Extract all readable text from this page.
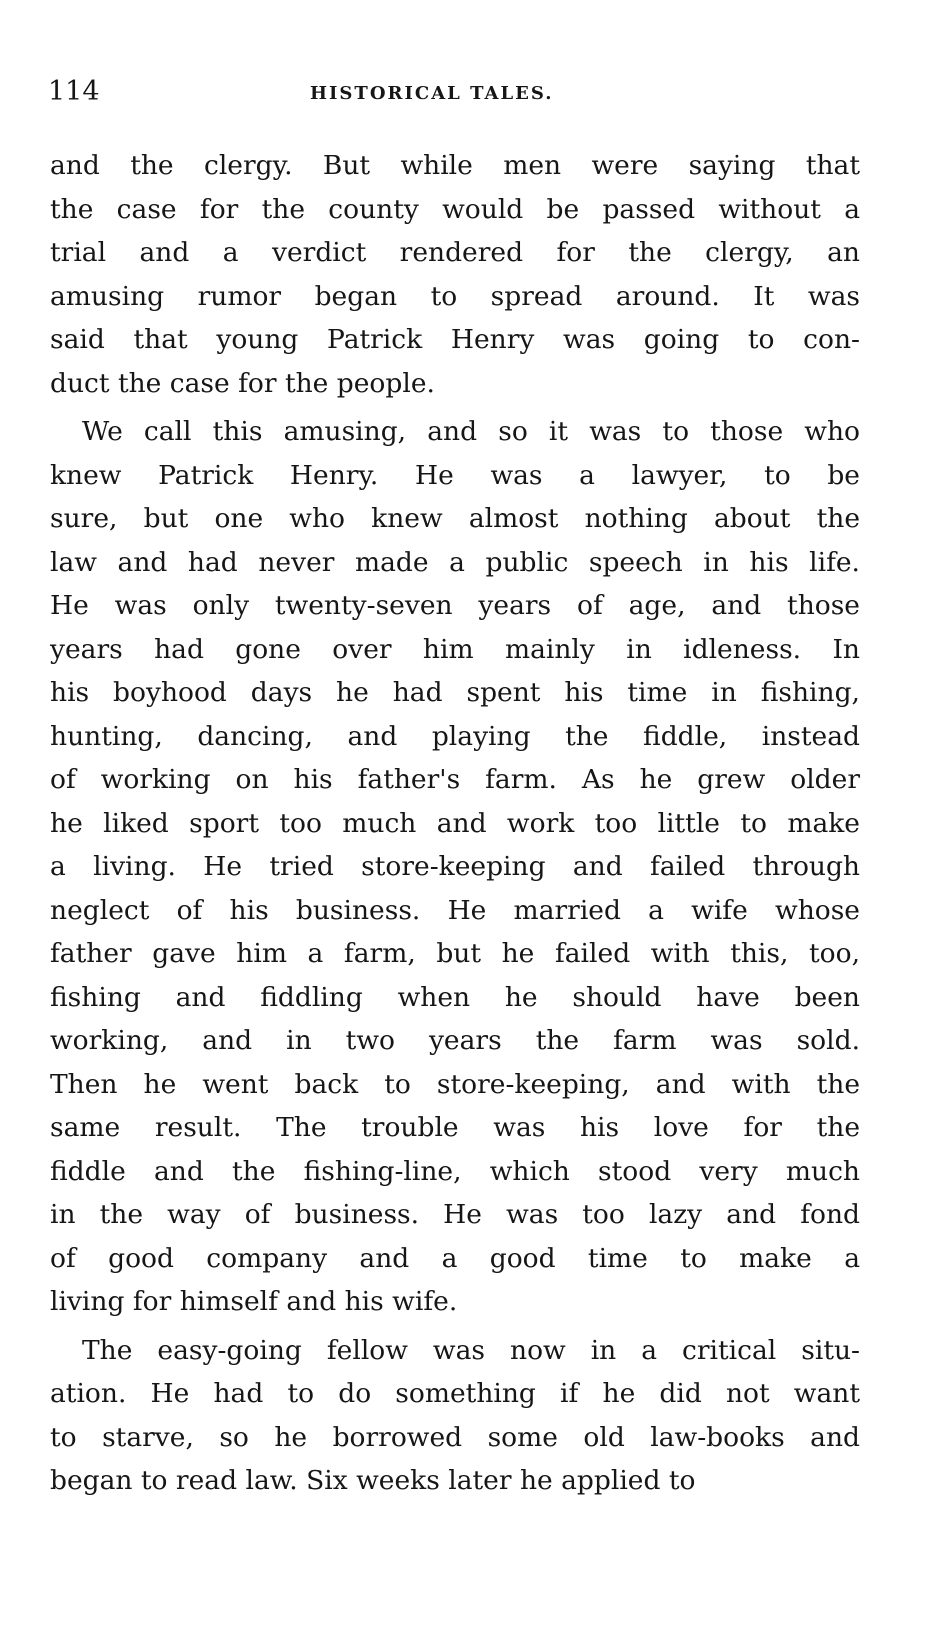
114	HISTORICAL TALES.
and the clergy. But while men were saying that
the case for the county would be passed without a
trial and a verdict rendered for the clergy, an
amusing rumor began to spread around. It was
said that young Patrick Henry was going to con-
duct the case for the people.
We call this amusing, and so it was to those who
knew Patrick Henry. He was a lawyer, to be
sure, but one who knew almost nothing about the
law and had never made a public speech in his life.
He was only twenty-seven years of age, and those
years had gone over him mainly in idleness. In
his boyhood days he had spent his time in fishing,
hunting, dancing, and playing the fiddle, instead
of working on his father's farm. As he grew older
he liked sport too much and work too little to make
a living. He tried store-keeping and failed through
neglect of his business. He married a wife whose
father gave him a farm, but he failed with this, too,
fishing and fiddling when he should have been
working, and in two years the farm was sold.
Then he went back to store-keeping, and with the
same result. The trouble was his love for the
fiddle and the fishing-line, which stood very much
in the way of business. He was too lazy and fond
of good company and a good time to make a
living for himself and his wife.
The easy-going fellow was now in a critical situ-
ation. He had to do something if he did not want
to starve, so he borrowed some old law-books and
began to read law. Six weeks later he applied to
